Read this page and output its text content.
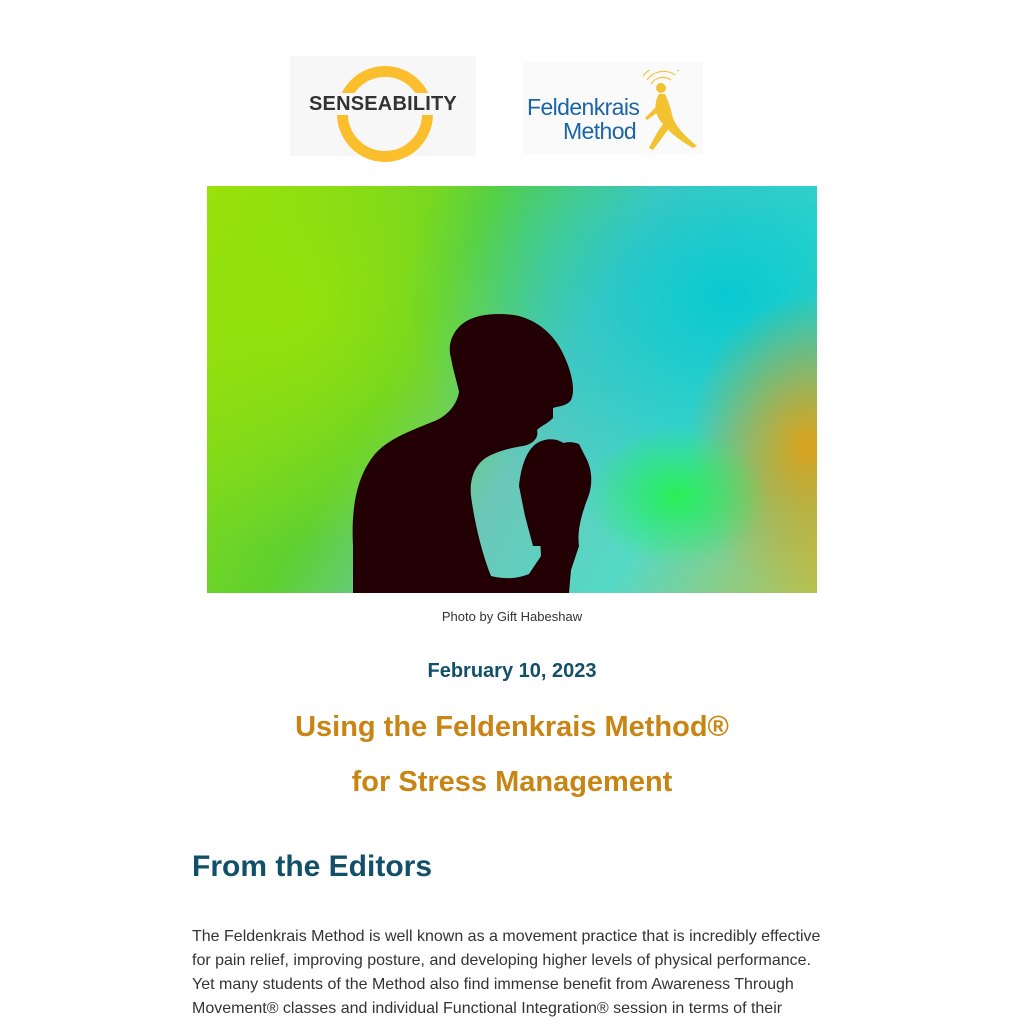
SENSEABILITY	Feldenkrais
Method
Photo by Gift Habeshaw
February 10, 2023
Using the Feldenkrais Method®
for Stress Management
From the Editors
The Feldenkrais Method is well known as a movement practice that is incredibly effective for pain relief, improving posture, and developing higher levels of physical performance. Yet many students of the Method also find immense benefit from Awareness Through Movement® classes and individual Functional Integration® session in terms of their
